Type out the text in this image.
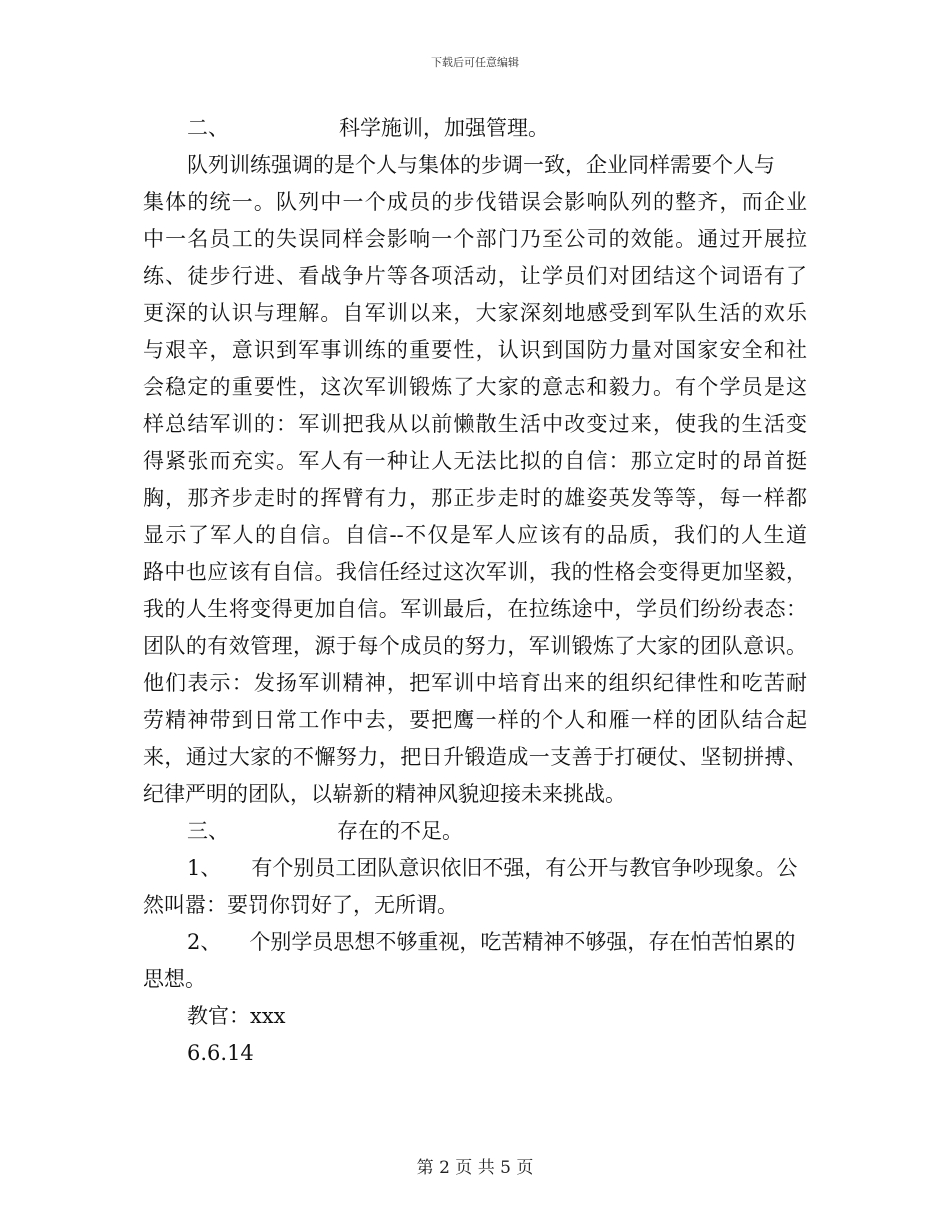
下载后可任意编辑
二、	科学施训，加强管理。
队列训练强调的是个人与集体的步调一致，企业同样需要个人与
集体的统一。队列中一个成员的步伐错误会影响队列的整齐，而企业
中一名员工的失误同样会影响一个部门乃至公司的效能。通过开展拉
练、徒步行进、看战争片等各项活动，让学员们对团结这个词语有了
更深的认识与理解。自军训以来，大家深刻地感受到军队生活的欢乐
与艰辛，意识到军事训练的重要性，认识到国防力量对国家安全和社
会稳定的重要性，这次军训锻炼了大家的意志和毅力。有个学员是这
样总结军训的：军训把我从以前懒散生活中改变过来，使我的生活变
得紧张而充实。军人有一种让人无法比拟的自信：那立定时的昂首挺
胸，那齐步走时的挥臂有力，那正步走时的雄姿英发等等，每一样都
显示了军人的自信。自信--不仅是军人应该有的品质，我们的人生道
路中也应该有自信。我信任经过这次军训，我的性格会变得更加坚毅，
我的人生将变得更加自信。军训最后，在拉练途中，学员们纷纷表态：
团队的有效管理，源于每个成员的努力，军训锻炼了大家的团队意识。
他们表示：发扬军训精神，把军训中培育出来的组织纪律性和吃苦耐
劳精神带到日常工作中去，要把鹰一样的个人和雁一样的团队结合起
来，通过大家的不懈努力，把日升锻造成一支善于打硬仗、坚韧拼搏、
纪律严明的团队，以崭新的精神风貌迎接未来挑战。
三、	存在的不足。
1、 有个别员工团队意识依旧不强，有公开与教官争吵现象。公
然叫嚣：要罚你罚好了，无所谓。
2、 个别学员思想不够重视，吃苦精神不够强，存在怕苦怕累的
思想。
教官：xxx
6.6.14
第 2 页 共 5 页
